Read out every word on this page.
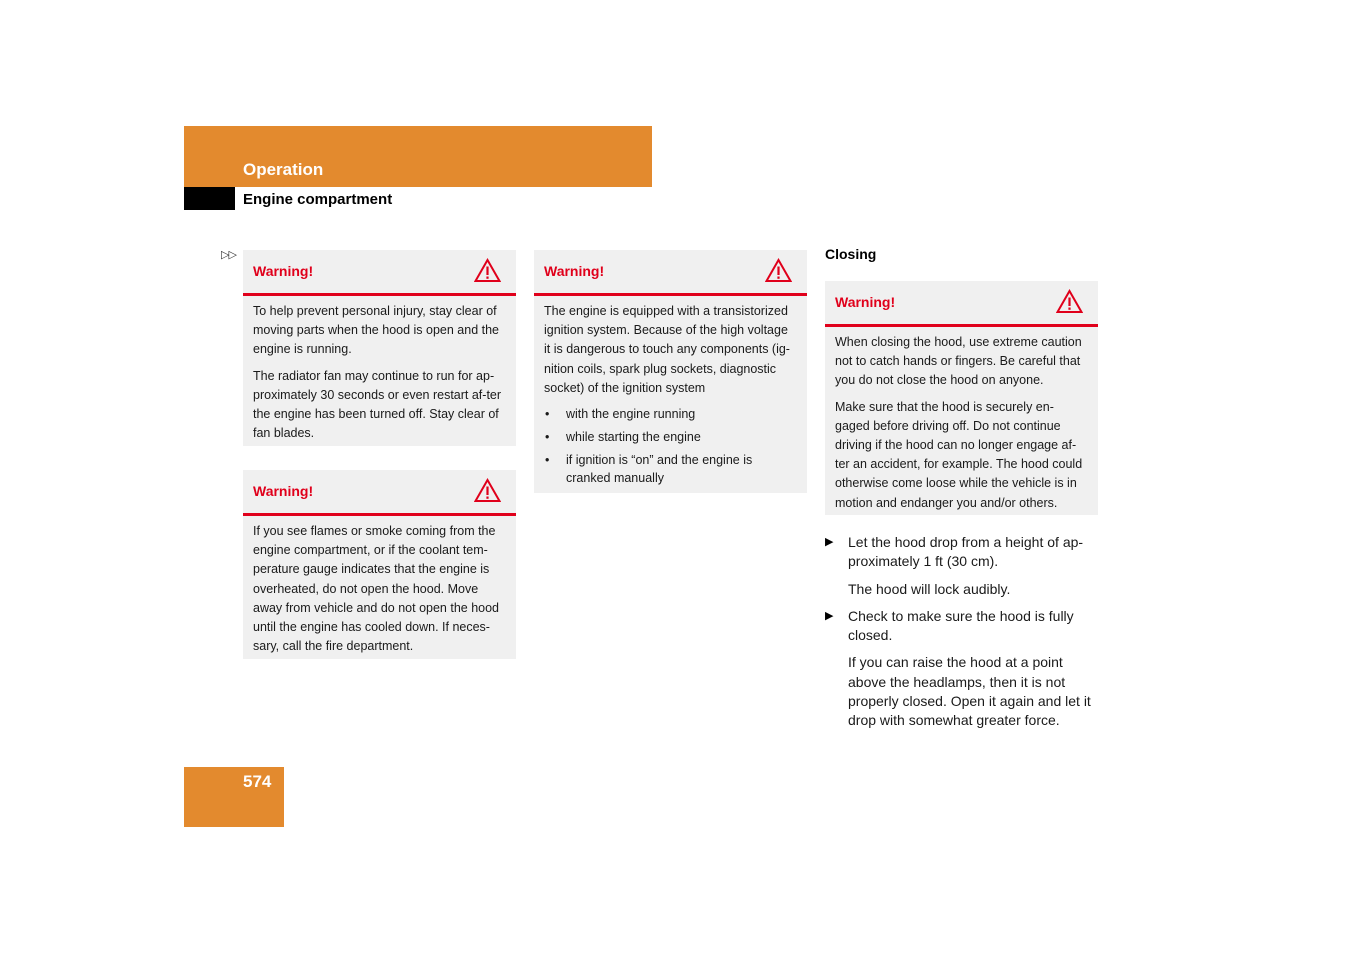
Operation
Engine compartment
▷▷
Warning!

To help prevent personal injury, stay clear of moving parts when the hood is open and the engine is running.

The radiator fan may continue to run for ap-proximately 30 seconds or even restart af-ter the engine has been turned off. Stay clear of fan blades.

Warning!

If you see flames or smoke coming from the engine compartment, or if the coolant tem-perature gauge indicates that the engine is overheated, do not open the hood. Move away from vehicle and do not open the hood until the engine has cooled down. If neces-sary, call the fire department.

Warning!

The engine is equipped with a transistorized ignition system. Because of the high voltage it is dangerous to touch any components (ig-nition coils, spark plug sockets, diagnostic socket) of the ignition system

• with the engine running
• while starting the engine
• if ignition is “on” and the engine is cranked manually
Closing
Warning!

When closing the hood, use extreme caution not to catch hands or fingers. Be careful that you do not close the hood on anyone.

Make sure that the hood is securely en-gaged before driving off. Do not continue driving if the hood can no longer engage af-ter an accident, for example. The hood could otherwise come loose while the vehicle is in motion and endanger you and/or others.

▶ Let the hood drop from a height of ap-proximately 1 ft (30 cm).
The hood will lock audibly.
▶ Check to make sure the hood is fully closed.
If you can raise the hood at a point above the headlamps, then it is not properly closed. Open it again and let it drop with somewhat greater force.
574
